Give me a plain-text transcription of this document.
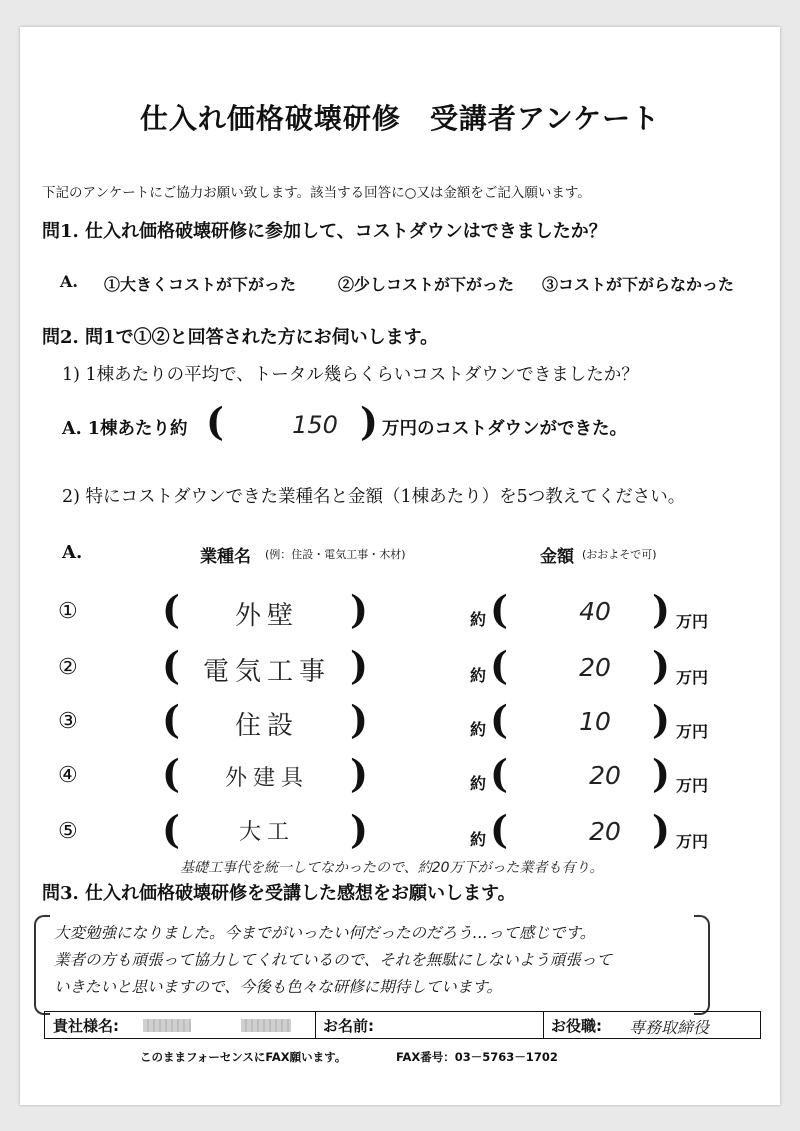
仕入れ価格破壊研修　受講者アンケート
下記のアンケートにご協力お願い致します。該当する回答に○又は金額をご記入願います。
問1. 仕入れ価格破壊研修に参加して、コストダウンはできましたか？
A. ①大きくコストが下がった	②少しコストが下がった ③コストが下がらなかった
問2. 問1で①②と回答された方にお伺いします。
1) 1棟あたりの平均で、トータル幾らくらいコストダウンできましたか？
A. 1棟あたり約 (	150 ) 万円のコストダウンができた。
2) 特にコストダウンできた業種名と金額（1棟あたり）を5つ教えてください。
A.	業種名 (例：住設・電気工事・木材)	金額 (おおよそで可)
① (	外壁	)	約 (	40	) 万円
② ( 電気工事 )	約 (	20	) 万円
③ (	住設	)	約 (	10	) 万円
④ (	外建具	)	約 (	20 ) 万円
⑤ (	大工	)	約 (	20 ) 万円
基礎工事代を統一してなかったので、約20万下がった業者も有り。
問3. 仕入れ価格破壊研修を受講した感想をお願いします。
大変勉強になりました。今までがいったい何だったのだろう…って感じです。
業者の方も頑張って協力してくれているので、それを無駄にしないよう頑張って
いきたいと思いますので、今後も色々な研修に期待しています。
貴社様名:	お名前:	お役職: 専務取締役
このままフォーセンスにFAX願います。	FAX番号：03－5763－1702
